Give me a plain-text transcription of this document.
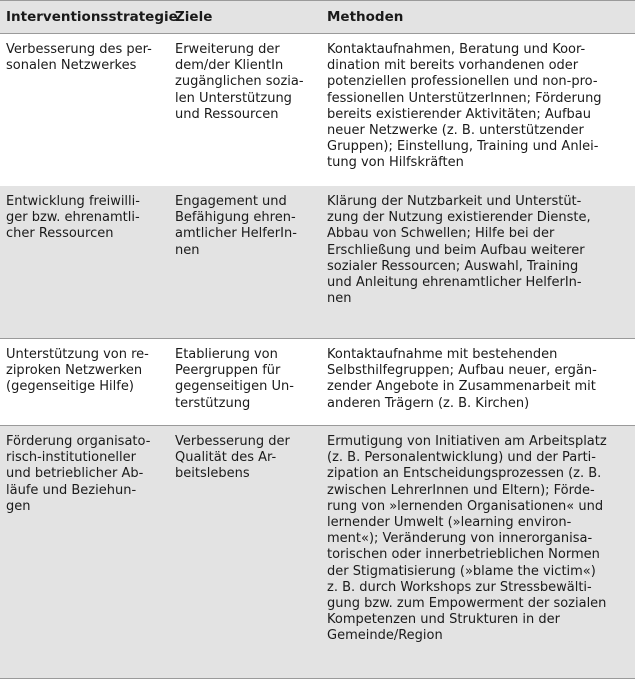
Interventionsstrategie
Ziele	Methoden
Verbesserung des per-
sonalen Netzwerkes
Erweiterung der
dem/der KlientIn
zugänglichen sozia-
len Unterstützung
und Ressourcen
Kontaktaufnahmen, Beratung und Koor-
dination mit bereits vorhandenen oder
potenziellen professionellen und non-pro-
fessionellen UnterstützerInnen; Förderung
bereits existierender Aktivitäten; Aufbau
neuer Netzwerke (z. B. unterstützender
Gruppen); Einstellung, Training und Anlei-
tung von Hilfskräften
Entwicklung freiwilli-
ger bzw. ehrenamtli-
cher Ressourcen
Engagement und
Befähigung ehren-
amtlicher HelferIn-
nen
Klärung der Nutzbarkeit und Unterstüt-
zung der Nutzung existierender Dienste,
Abbau von Schwellen; Hilfe bei der
Erschließung und beim Aufbau weiterer
sozialer Ressourcen; Auswahl, Training
und Anleitung ehrenamtlicher HelferIn-
nen
Unterstützung von re-
ziproken Netzwerken
(gegenseitige Hilfe)
Etablierung von
Peergruppen für
gegenseitigen Un-
terstützung
Kontaktaufnahme mit bestehenden
Selbsthilfegruppen; Aufbau neuer, ergän-
zender Angebote in Zusammenarbeit mit
anderen Trägern (z. B. Kirchen)
Förderung organisato-
risch-institutioneller
und betrieblicher Ab-
läufe und Beziehun-
gen
Verbesserung der
Qualität des Ar-
beitslebens
Ermutigung von Initiativen am Arbeitsplatz
(z. B. Personalentwicklung) und der Parti-
zipation an Entscheidungsprozessen (z. B.
zwischen LehrerInnen und Eltern); Förde-
rung von »lernenden Organisationen« und
lernender Umwelt (»learning environ-
ment«); Veränderung von innerorganisa-
torischen oder innerbetrieblichen Normen
der Stigmatisierung (»blame the victim«)
z. B. durch Workshops zur Stressbewälti-
gung bzw. zum Empowerment der sozialen
Kompetenzen und Strukturen in der
Gemeinde/Region
